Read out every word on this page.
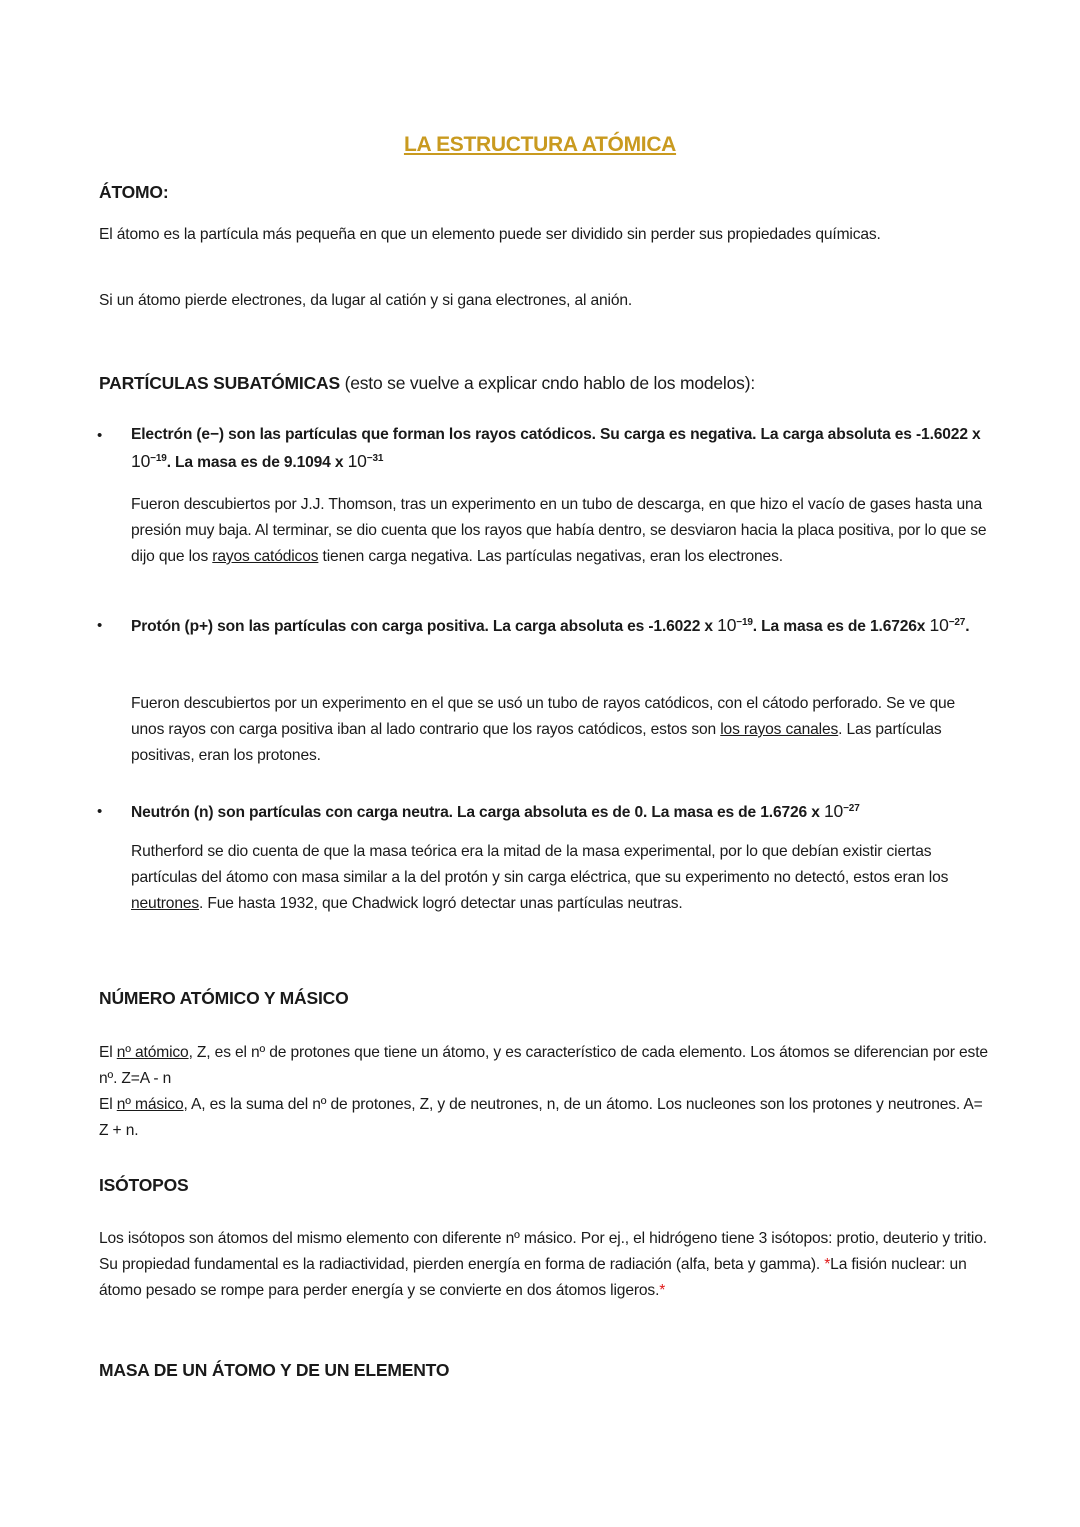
LA ESTRUCTURA ATÓMICA
ÁTOMO:

El átomo es la partícula más pequeña en que un elemento puede ser dividido sin perder sus propiedades químicas.

Si un átomo pierde electrones, da lugar al catión y si gana electrones, al anión.

PARTÍCULAS SUBATÓMICAS (esto se vuelve a explicar cndo hablo de los modelos):
• Electrón (e−) son las partículas que forman los rayos catódicos. Su carga es negativa. La carga absoluta es -1.6022 x $10^{-19}$. La masa es de 9.1094 x $10^{-31}$

Fueron descubiertos por J.J. Thomson, tras un experimento en un tubo de descarga, en que hizo el vacío de gases hasta una presión muy baja. Al terminar, se dio cuenta que los rayos que había dentro, se desviaron hacia la placa positiva, por lo que se dijo que los rayos catódicos tienen carga negativa. Las partículas negativas, eran los electrones.

• Protón (p+) son las partículas con carga positiva. La carga absoluta es -1.6022 x $10^{-19}$. La masa es de 1.6726x $10^{-27}$.

Fueron descubiertos por un experimento en el que se usó un tubo de rayos catódicos, con el cátodo perforado. Se ve que unos rayos con carga positiva iban al lado contrario que los rayos catódicos, estos son los rayos canales. Las partículas positivas, eran los protones.

• Neutrón (n) son partículas con carga neutra. La carga absoluta es de 0. La masa es de 1.6726 x $10^{-27}$

Rutherford se dio cuenta de que la masa teórica era la mitad de la masa experimental, por lo que debían existir ciertas partículas del átomo con masa similar a la del protón y sin carga eléctrica, que su experimento no detectó, estos eran los neutrones. Fue hasta 1932, que Chadwick logró detectar unas partículas neutras.

NÚMERO ATÓMICO Y MÁSICO

El nº atómico, Z, es el nº de protones que tiene un átomo, y es característico de cada elemento. Los átomos se diferencian por este nº. Z=A - n
El nº másico, A, es la suma del nº de protones, Z, y de neutrones, n, de un átomo. Los nucleones son los protones y neutrones. A= Z + n.

ISÓTOPOS

Los isótopos son átomos del mismo elemento con diferente nº másico. Por ej., el hidrógeno tiene 3 isótopos: protio, deuterio y tritio. Su propiedad fundamental es la radiactividad, pierden energía en forma de radiación (alfa, beta y gamma). *La fisión nuclear: un átomo pesado se rompe para perder energía y se convierte en dos átomos ligeros.*

MASA DE UN ÁTOMO Y DE UN ELEMENTO
